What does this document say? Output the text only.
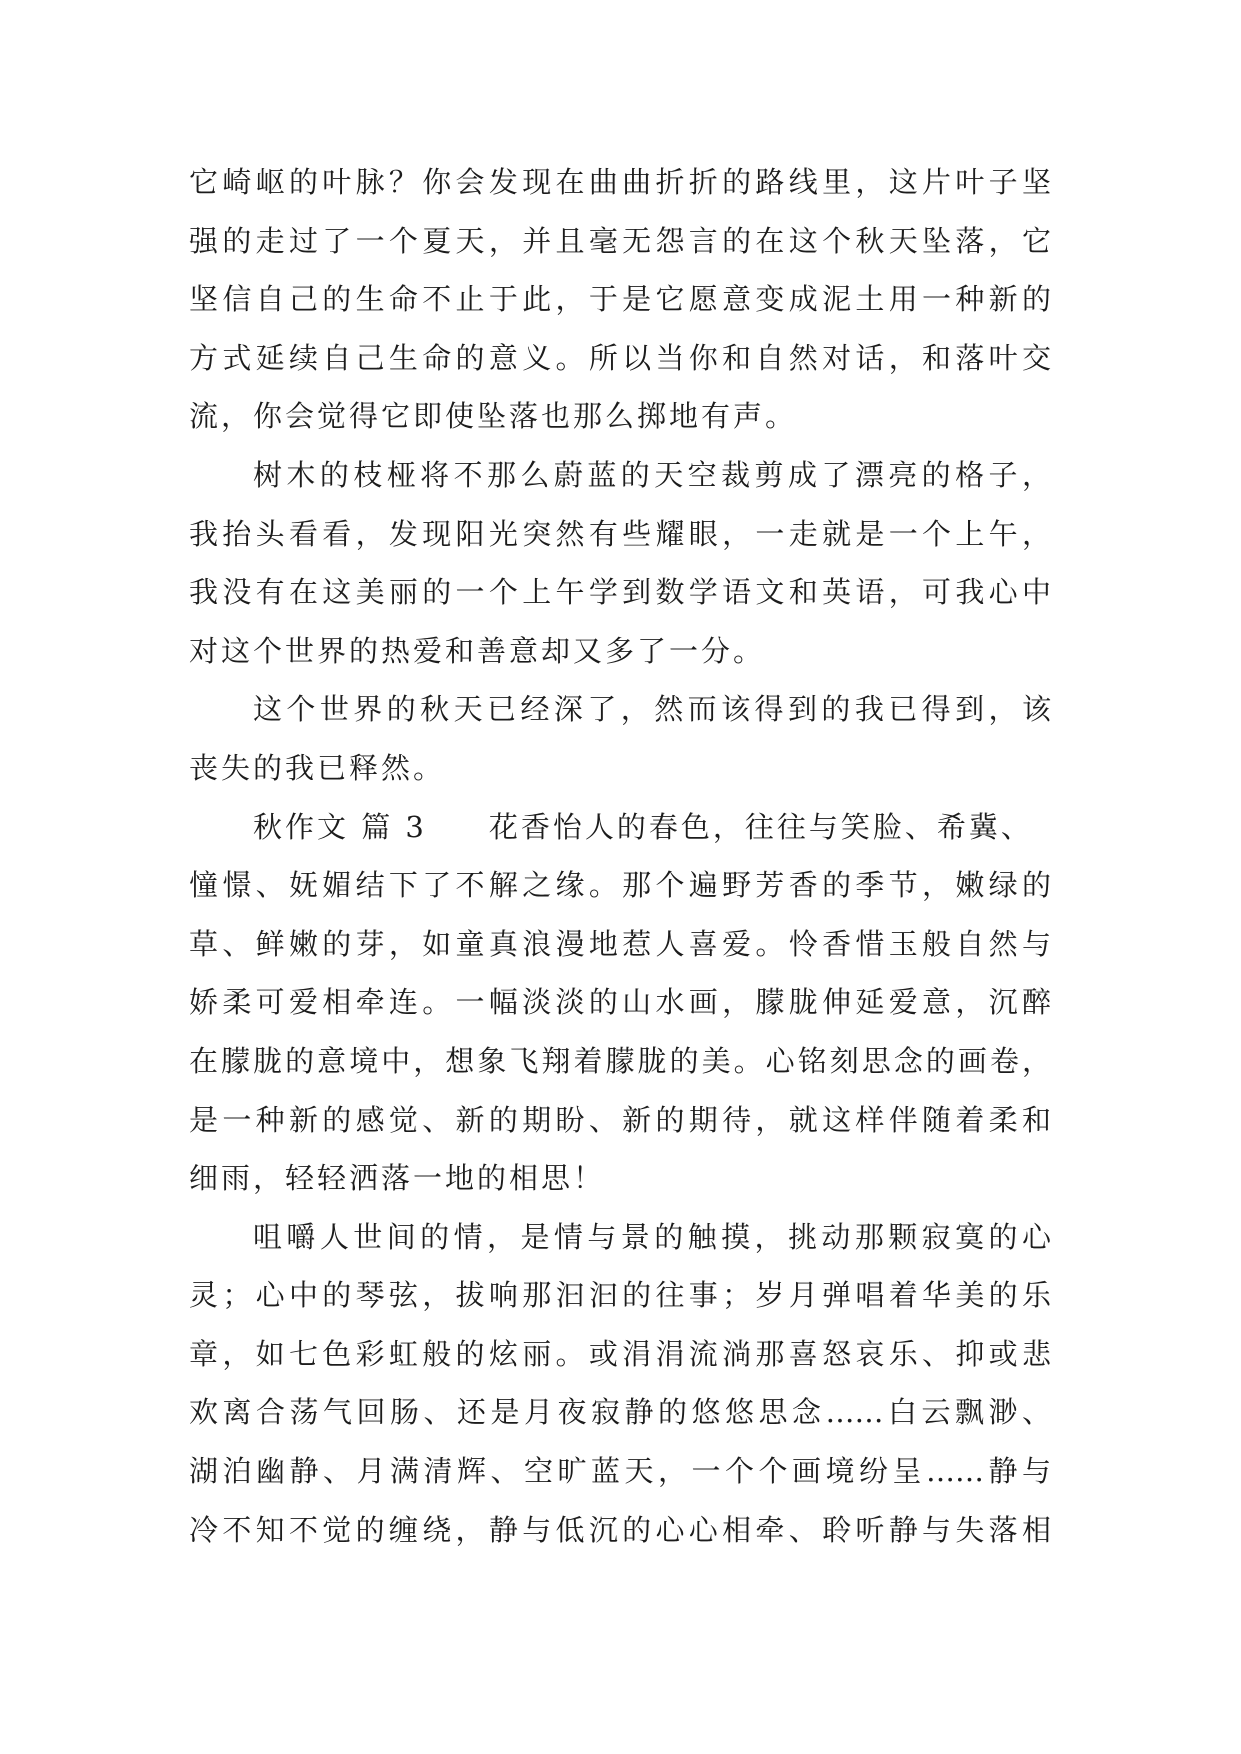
它崎岖的叶脉？你会发现在曲曲折折的路线里，这片叶子坚
强的走过了一个夏天，并且毫无怨言的在这个秋天坠落，它
坚信自己的生命不止于此，于是它愿意变成泥土用一种新的
方式延续自己生命的意义。所以当你和自然对话，和落叶交
流，你会觉得它即使坠落也那么掷地有声。
树木的枝桠将不那么蔚蓝的天空裁剪成了漂亮的格子，
我抬头看看，发现阳光突然有些耀眼，一走就是一个上午，
我没有在这美丽的一个上午学到数学语文和英语，可我心中
对这个世界的热爱和善意却又多了一分。
这个世界的秋天已经深了，然而该得到的我已得到，该
丧失的我已释然。
秋作文 篇 3 花香怡人的春色，往往与笑脸、希冀、
憧憬、妩媚结下了不解之缘。那个遍野芳香的季节，嫩绿的
草、鲜嫩的芽，如童真浪漫地惹人喜爱。怜香惜玉般自然与
娇柔可爱相牵连。一幅淡淡的山水画，朦胧伸延爱意，沉醉
在朦胧的意境中，想象飞翔着朦胧的美。心铭刻思念的画卷，
是一种新的感觉、新的期盼、新的期待，就这样伴随着柔和
细雨，轻轻洒落一地的相思！
咀嚼人世间的情，是情与景的触摸，挑动那颗寂寞的心
灵；心中的琴弦，拔响那汩汩的往事；岁月弹唱着华美的乐
章，如七色彩虹般的炫丽。或涓涓流淌那喜怒哀乐、抑或悲
欢离合荡气回肠、还是月夜寂静的悠悠思念……白云飘渺、
湖泊幽静、月满清辉、空旷蓝天，一个个画境纷呈……静与
冷不知不觉的缠绕，静与低沉的心心相牵、聆听静与失落相
